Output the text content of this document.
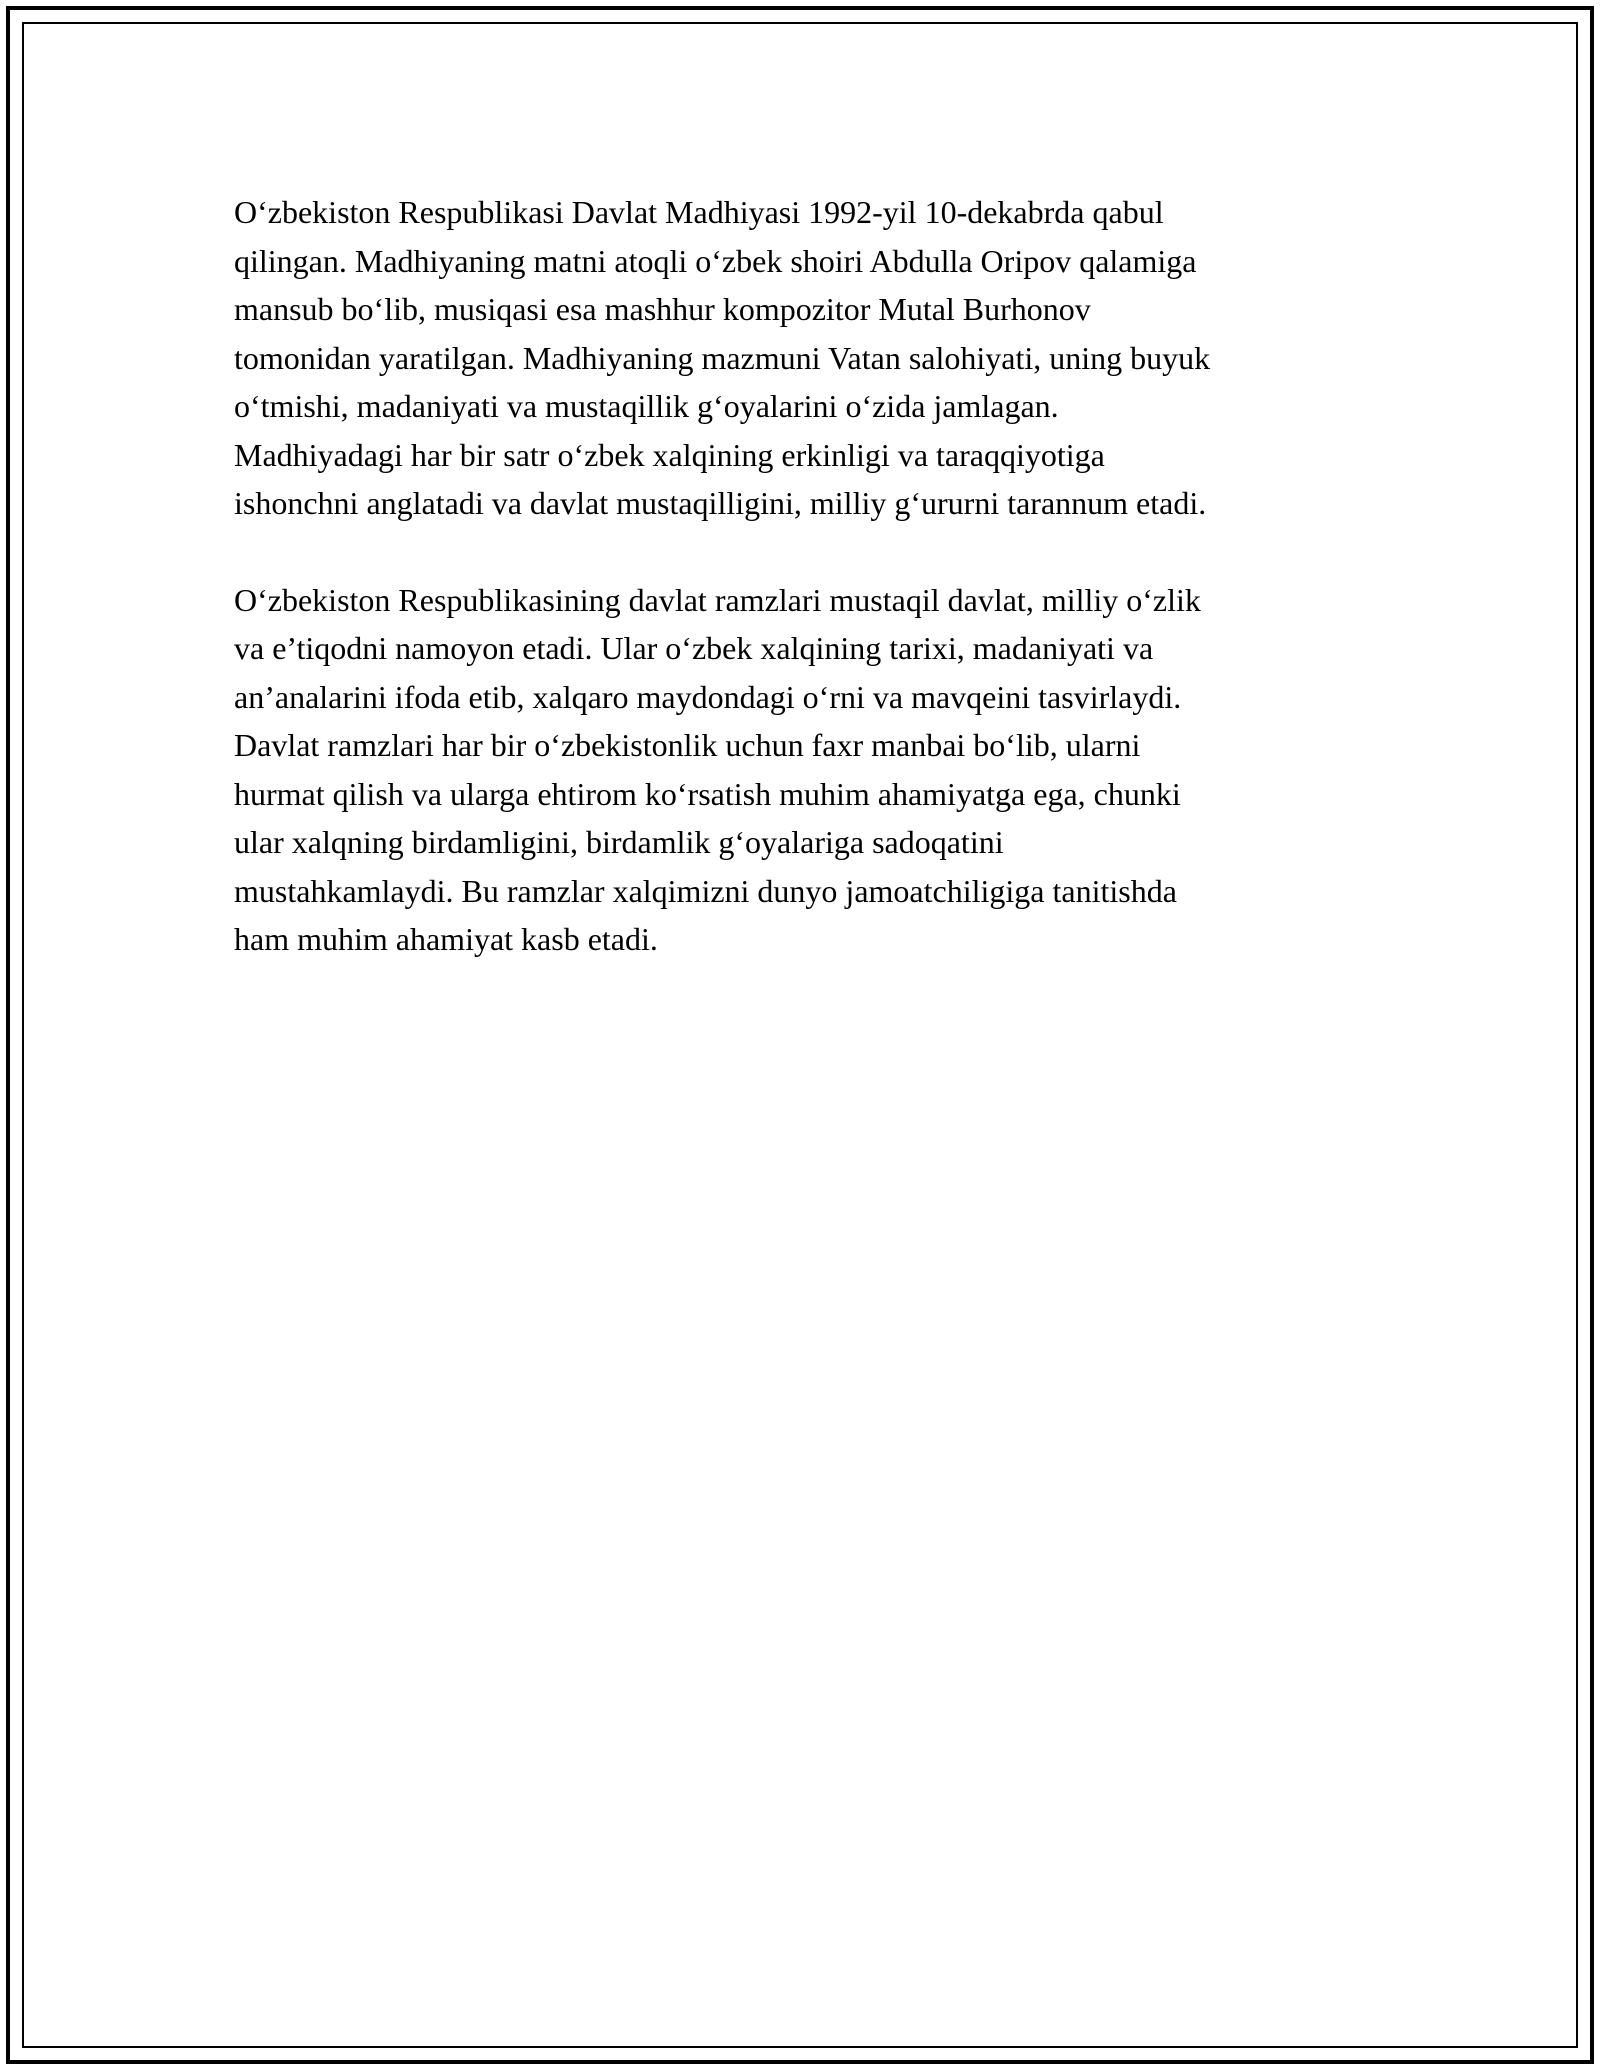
O‘zbekiston Respublikasi Davlat Madhiyasi 1992-yil 10-dekabrda qabul
qilingan. Madhiyaning matni atoqli o‘zbek shoiri Abdulla Oripov qalamiga
mansub bo‘lib, musiqasi esa mashhur kompozitor Mutal Burhonov
tomonidan yaratilgan. Madhiyaning mazmuni Vatan salohiyati, uning buyuk
o‘tmishi, madaniyati va mustaqillik g‘oyalarini o‘zida jamlagan.
Madhiyadagi har bir satr o‘zbek xalqining erkinligi va taraqqiyotiga
ishonchni anglatadi va davlat mustaqilligini, milliy g‘ururni tarannum etadi.

O‘zbekiston Respublikasining davlat ramzlari mustaqil davlat, milliy o‘zlik
va e’tiqodni namoyon etadi. Ular o‘zbek xalqining tarixi, madaniyati va
an’analarini ifoda etib, xalqaro maydondagi o‘rni va mavqeini tasvirlaydi.
Davlat ramzlari har bir o‘zbekistonlik uchun faxr manbai bo‘lib, ularni
hurmat qilish va ularga ehtirom ko‘rsatish muhim ahamiyatga ega, chunki
ular xalqning birdamligini, birdamlik g‘oyalariga sadoqatini
mustahkamlaydi. Bu ramzlar xalqimizni dunyo jamoatchiligiga tanitishda
ham muhim ahamiyat kasb etadi.
